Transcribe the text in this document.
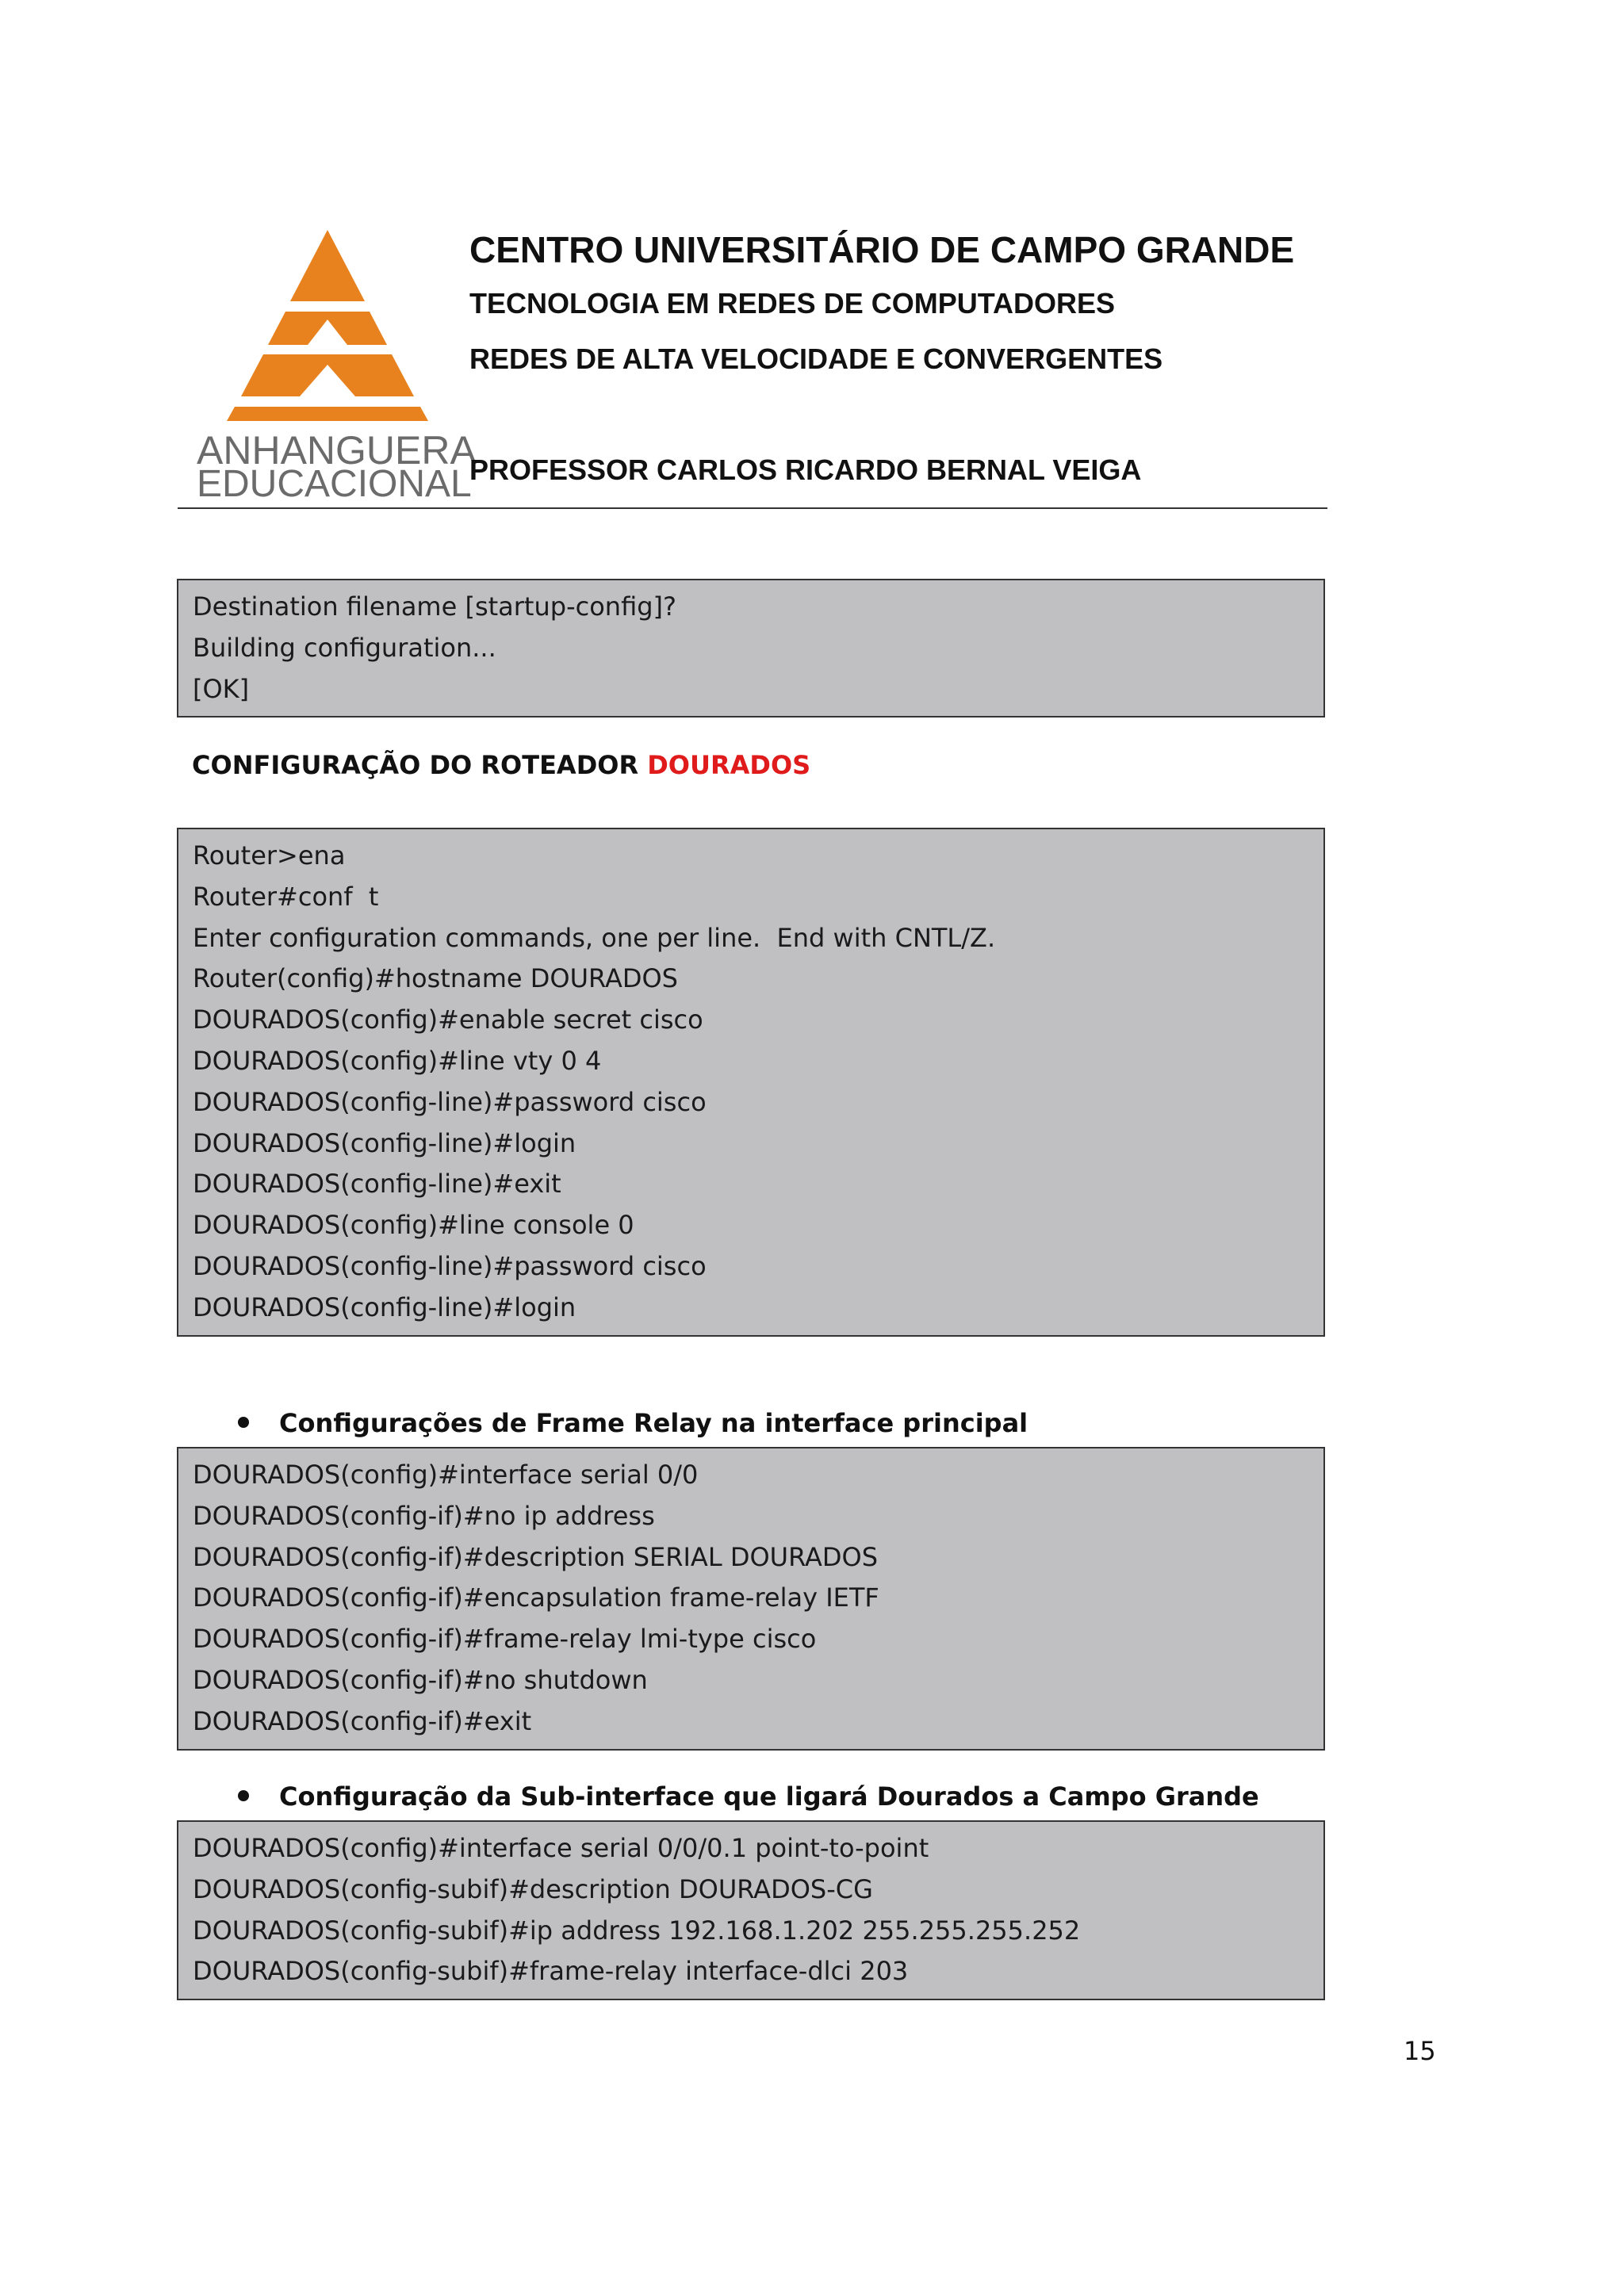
ANHANGUERA
EDUCACIONAL
CENTRO UNIVERSITÁRIO DE CAMPO GRANDE
TECNOLOGIA EM REDES DE COMPUTADORES
REDES DE ALTA VELOCIDADE E CONVERGENTES
PROFESSOR CARLOS RICARDO BERNAL VEIGA
Destination filename [startup-config]?
Building configuration...
[OK]
CONFIGURAÇÃO DO ROTEADOR DOURADOS
Router>ena
Router#conf  t
Enter configuration commands, one per line.  End with CNTL/Z.
Router(config)#hostname DOURADOS
DOURADOS(config)#enable secret cisco
DOURADOS(config)#line vty 0 4
DOURADOS(config-line)#password cisco
DOURADOS(config-line)#login
DOURADOS(config-line)#exit
DOURADOS(config)#line console 0
DOURADOS(config-line)#password cisco
DOURADOS(config-line)#login
Configurações de Frame Relay na interface principal
DOURADOS(config)#interface serial 0/0
DOURADOS(config-if)#no ip address
DOURADOS(config-if)#description SERIAL DOURADOS
DOURADOS(config-if)#encapsulation frame-relay IETF
DOURADOS(config-if)#frame-relay lmi-type cisco
DOURADOS(config-if)#no shutdown
DOURADOS(config-if)#exit
Configuração da Sub-interface que ligará Dourados a Campo Grande
DOURADOS(config)#interface serial 0/0/0.1 point-to-point
DOURADOS(config-subif)#description DOURADOS-CG
DOURADOS(config-subif)#ip address 192.168.1.202 255.255.255.252
DOURADOS(config-subif)#frame-relay interface-dlci 203
15
